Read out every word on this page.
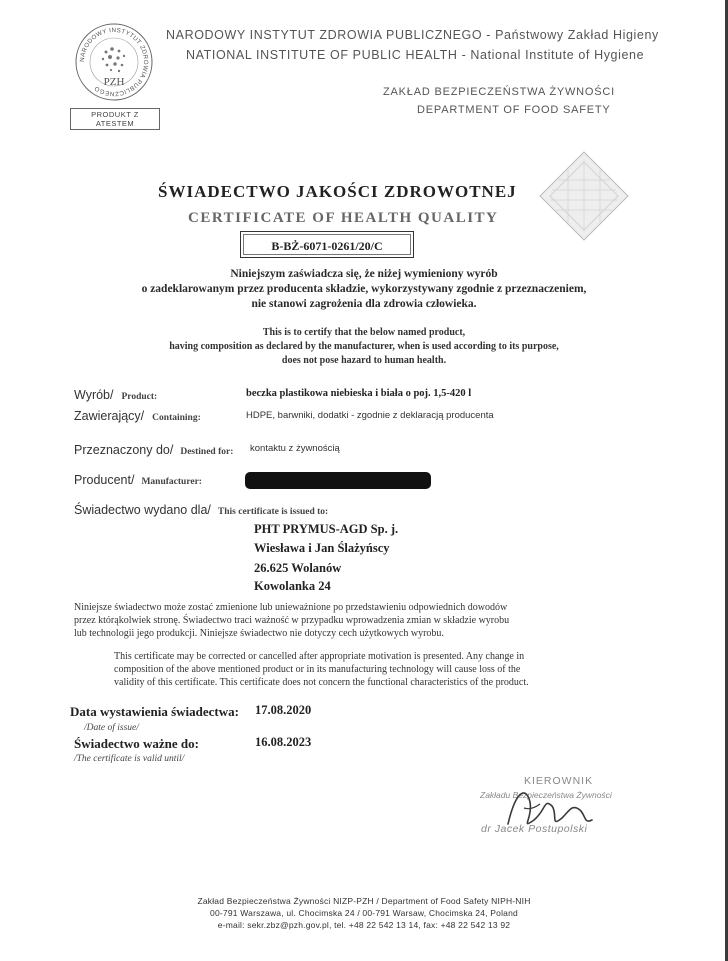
NARODOWY INSTYTUT ZDROWIA PUBLICZNEGO
PZH
PRODUKT Z ATESTEM
NARODOWY INSTYTUT ZDROWIA PUBLICZNEGO - Państwowy Zakład Higieny
NATIONAL INSTITUTE OF PUBLIC HEALTH - National Institute of Hygiene
ZAKŁAD BEZPIECZEŃSTWA ŻYWNOŚCI
DEPARTMENT OF FOOD SAFETY
ŚWIADECTWO JAKOŚCI ZDROWOTNEJ
CERTIFICATE OF HEALTH QUALITY
B-BŻ-6071-0261/20/C
Niniejszym zaświadcza się, że niżej wymieniony wyrób
o zadeklarowanym przez producenta składzie, wykorzystywany zgodnie z przeznaczeniem,
nie stanowi zagrożenia dla zdrowia człowieka.
This is to certify that the below named product,
having composition as declared by the manufacturer, when is used according to its purpose,
does not pose hazard to human health.
Wyrób/ Product:	beczka plastikowa niebieska i biała o poj. 1,5-420 l
Zawierający/ Containing:	HDPE, barwniki, dodatki - zgodnie z deklaracją producenta
Przeznaczony do/ Destined for: kontaktu z żywnością
Producent/ Manufacturer:
Świadectwo wydano dla/ This certificate is issued to:
PHT PRYMUS-AGD Sp. j.
Wiesława i Jan Ślażyńscy
26.625 Wolanów
Kowolanka 24
Niniejsze świadectwo może zostać zmienione lub unieważnione po przedstawieniu odpowiednich dowodów
przez którąkolwiek stronę. Świadectwo traci ważność w przypadku wprowadzenia zmian w składzie wyrobu
lub technologii jego produkcji. Niniejsze świadectwo nie dotyczy cech użytkowych wyrobu.
This certificate may be corrected or cancelled after appropriate motivation is presented. Any change in
composition of the above mentioned product or in its manufacturing technology will cause loss of the
validity of this certificate. This certificate does not concern the functional characteristics of the product.
Data wystawienia świadectwa: 17.08.2020
/Date of issue/
Świadectwo ważne do:	16.08.2023
/The certificate is valid until/
KIEROWNIK
Zakładu Bezpieczeństwa Żywności
dr Jacek Postupolski
Zakład Bezpieczeństwa Żywności NIZP-PZH / Department of Food Safety NIPH-NIH
00-791 Warszawa, ul. Chocimska 24 / 00-791 Warsaw, Chocimska 24, Poland
e-mail: sekr.zbz@pzh.gov.pl, tel. +48 22 542 13 14, fax: +48 22 542 13 92
